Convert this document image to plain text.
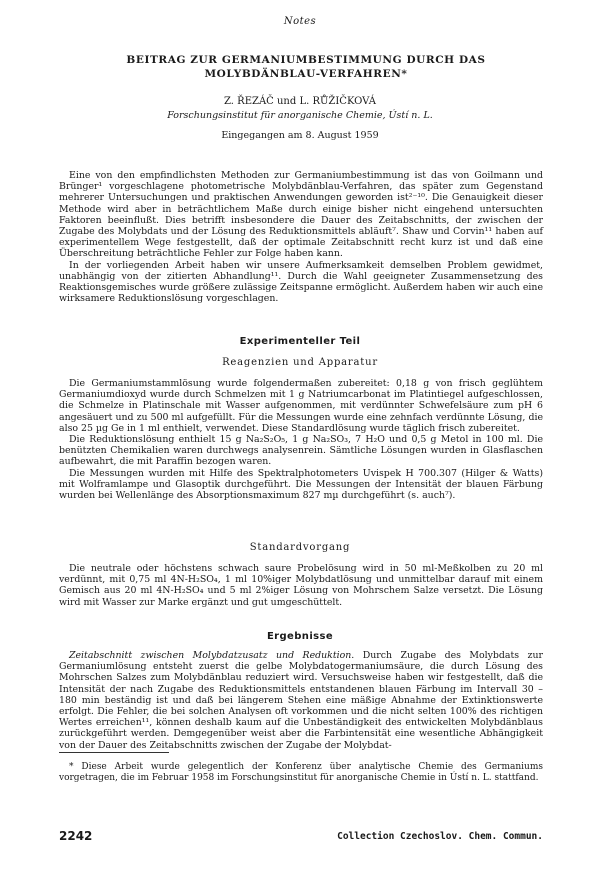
Notes
BEITRAG ZUR GERMANIUMBESTIMMUNG DURCH DAS MOLYBDÄNBLAU-VERFAHREN*
Z. ŘEZÁČ und L. RŮŽIČKOVÁ
Forschungsinstitut für anorganische Chemie, Ústí n. L.
Eingegangen am 8. August 1959

Eine von den empfindlichsten Methoden zur Germaniumbestimmung ist das von Goilmann und Brünger¹ vorgeschlagene photometrische Molybdänblau-Verfahren, das später zum Gegenstand mehrerer Untersuchungen und praktischen Anwendungen geworden ist²⁻¹⁰. Die Genauigkeit dieser Methode wird aber in beträchtlichem Maße durch einige bisher nicht eingehend untersuchten Faktoren beeinflußt. Dies betrifft insbesondere die Dauer des Zeitabschnitts, der zwischen der Zugabe des Molybdats und der Lösung des Reduktionsmittels abläuft⁷. Shaw und Corvin¹¹ haben auf experimentellem Wege festgestellt, daß der optimale Zeitabschnitt recht kurz ist und daß eine Überschreitung beträchtliche Fehler zur Folge haben kann.

In der vorliegenden Arbeit haben wir unsere Aufmerksamkeit demselben Problem gewidmet, unabhängig von der zitierten Abhandlung¹¹. Durch die Wahl geeigneter Zusammensetzung des Reaktionsgemisches wurde größere zulässige Zeitspanne ermöglicht. Außerdem haben wir auch eine wirksamere Reduktionslösung vorgeschlagen.

Experimenteller Teil
Reagenzien und Apparatur

Die Germaniumstammlösung wurde folgendermaßen zubereitet: 0,18 g von frisch geglühtem Germaniumdioxyd wurde durch Schmelzen mit 1 g Natriumcarbonat im Platintiegel aufgeschlossen, die Schmelze in Platinschale mit Wasser aufgenommen, mit verdünnter Schwefelsäure zum pH 6 angesäuert und zu 500 ml aufgefüllt. Für die Messungen wurde eine zehnfach verdünnte Lösung, die also 25 µg Ge in 1 ml enthielt, verwendet. Diese Standardlösung wurde täglich frisch zubereitet.

Die Reduktionslösung enthielt 15 g Na₂S₂O₅, 1 g Na₂SO₃, 7 H₂O und 0,5 g Metol in 100 ml. Die benützten Chemikalien waren durchwegs analysenrein. Sämtliche Lösungen wurden in Glasflaschen aufbewahrt, die mit Paraffin bezogen waren.

Die Messungen wurden mit Hilfe des Spektralphotometers Uvispek H 700.307 (Hilger & Watts) mit Wolframlampe und Glasoptik durchgeführt. Die Messungen der Intensität der blauen Färbung wurden bei Wellenlänge des Absorptionsmaximum 827 mµ durchgeführt (s. auch⁷).

Standardvorgang

Die neutrale oder höchstens schwach saure Probelösung wird in 50 ml-Meßkolben zu 20 ml verdünnt, mit 0,75 ml 4N-H₂SO₄, 1 ml 10%iger Molybdatlösung und unmittelbar darauf mit einem Gemisch aus 20 ml 4N-H₂SO₄ und 5 ml 2%iger Lösung von Mohrschem Salze versetzt. Die Lösung wird mit Wasser zur Marke ergänzt und gut umgeschüttelt.

Ergebnisse

Zeitabschnitt zwischen Molybdatzusatz und Reduktion. Durch Zugabe des Molybdats zur Germaniumlösung entsteht zuerst die gelbe Molybdatogermaniumsäure, die durch Lösung des Mohrschen Salzes zum Molybdänblau reduziert wird. Versuchsweise haben wir festgestellt, daß die Intensität der nach Zugabe des Reduktionsmittels entstandenen blauen Färbung im Intervall 30 – 180 min beständig ist und daß bei längerem Stehen eine mäßige Abnahme der Extinktionswerte erfolgt. Die Fehler, die bei solchen Analysen oft vorkommen und die nicht selten 100% des richtigen Wertes erreichen¹¹, können deshalb kaum auf die Unbeständigkeit des entwickelten Molybdänblaus zurückgeführt werden. Demgegenüber weist aber die Farbintensität eine wesentliche Abhängigkeit von der Dauer des Zeitabschnitts zwischen der Zugabe der Molybdat-

* Diese Arbeit wurde gelegentlich der Konferenz über analytische Chemie des Germaniums vorgetragen, die im Februar 1958 im Forschungsinstitut für anorganische Chemie in Ústí n. L. stattfand.
2242	Collection Czechoslov. Chem. Commun.
